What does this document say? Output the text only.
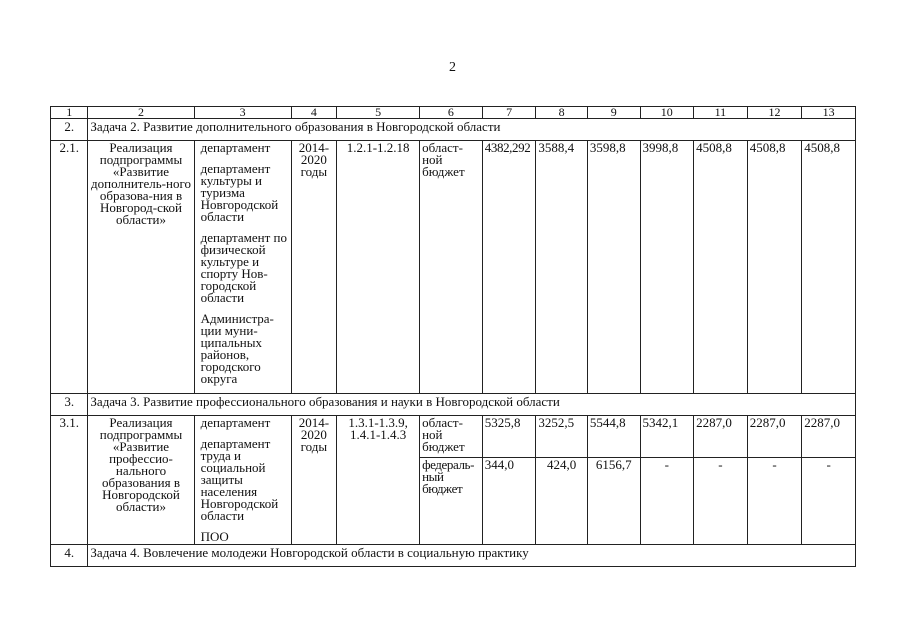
2
1	2	3	4	5	6	7	8	9	10	11	12	13
2.	Задача 2. Развитие дополнительного образования в Новгородской области											
2.1.	Реализация подпрограммы «Развитие дополнитель-ного образова-ния в Новгород-ской области»	департамент
департамент культуры и туризма Новгородской области
департамент по физической культуре и спорту Нов-городской области
Администра-ции муни-ципальных районов, городского округа	2014-2020 годы	1.2.1-1.2.18	област-ной бюджет	4382,292	3588,4	3598,8	3998,8	4508,8	4508,8	4508,8
3.	Задача 3. Развитие профессионального образования и науки в Новгородской области											
3.1.	Реализация подпрограммы «Развитие профессио-нального образования в Новгородской области»	департамент
департамент труда и социальной защиты населения Новгородской области
ПОО	2014-2020 годы	1.3.1-1.3.9, 1.4.1-1.4.3	област-ной бюджет	5325,8	3252,5	5544,8	5342,1	2287,0	2287,0	2287,0
					федераль-ный бюджет	344,0	424,0	6156,7	-	-	-	-
4.	Задача 4. Вовлечение молодежи Новгородской области в социальную практику											
